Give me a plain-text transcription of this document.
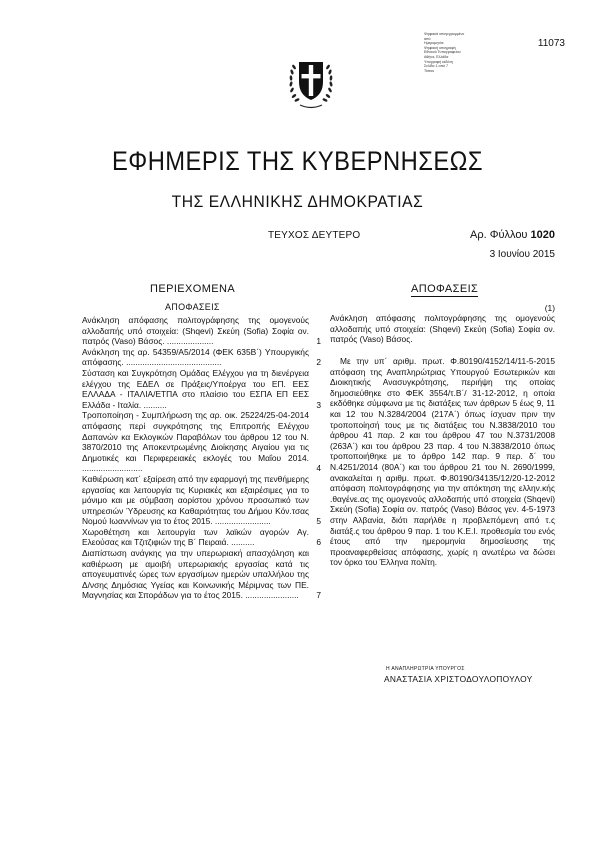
Ψηφιακά υπογεγραμμένο
από
Ημερομηνία:
Ψηφιακή υπογραφή
Εθνικού Τυπογραφείου
Αθήνα, Ελλάδα
Υπογραφή εκδότη
Σελίδα 1 από 7
Τύπου
11073
ΕΦΗΜΕΡΙΣ ΤΗΣ ΚΥΒΕΡΝΗΣΕΩΣ
ΤΗΣ ΕΛΛΗΝΙΚΗΣ ΔΗΜΟΚΡΑΤΙΑΣ
ΤΕΥΧΟΣ ΔΕΥΤΕΡΟ	Αρ. Φύλλου 1020
3 Ιουνίου 2015
ΠΕΡΙΕΧΟΜΕΝΑ
ΑΠΟΦΑΣΕΙΣ
Ανάκληση απόφασης πολιτογράφησης της ομογενούς αλλοδαπής υπό στοιχεία: (Shqevi) Σκεύη (Sofia) Σοφία ον. πατρός (Vaso) Βάσος. ....................	1
Ανάκληση της αρ. 54359/Α5/2014 (ΦΕΚ 635Β΄) Υπουργικής απόφασης. .........................................	2
Σύσταση και Συγκρότηση Ομάδας Ελέγχου για τη διενέργεια ελέγχου της ΕΔΕΛ σε Πράξεις/Υποέργα του ΕΠ. ΕΕΣ ΕΛΛΑΔΑ - ΙΤΑΛΙΑ/ΕΤΠΑ στο πλαίσιο του ΕΣΠΑ ΕΠ ΕΕΣ Ελλάδα - Ιταλία. ..........	3
Τροποποίηση - Συμπλήρωση της αρ. οικ. 25224/25-04-2014 απόφασης περί συγκρότησης της Επιτροπής Ελέγχου Δαπανών κα Εκλογικών Παραβόλων του άρθρου 12 του Ν. 3870/2010 της Αποκεντρωμένης Διοίκησης Αιγαίου για τις Δημοτικές και Περιφερειακές εκλογές του Μαΐου 2014. ..........................	4
Καθιέρωση κατ΄ εξαίρεση από την εφαρμογή της πενθήμερης εργασίας και λειτουργία τις Κυριακές και εξαιρέσιμες για το μόνιμο και με σύμβαση αορίστου χρόνου προσωπικό των υπηρεσιών Ύδρευσης κα Καθαριότητας του Δήμου Κόν.τσας Νομού Ιωαννίνων για το έτος 2015. ........................	5
Χωροθέτηση και λειτουργία των λαϊκών αγορών Αγ. Ελεούσας και Τζιτζιφιών της Β΄ Πειραιά. ..........	6
Διαπίστωση ανάγκης για την υπερωριακή απασχόληση και καθιέρωση με αμοιβή υπερωριακής εργασίας κατά τις απογευματινές ώρες των εργασίμων ημερών υπαλλήλου της Δ/νσης Δημόσιας Υγείας και Κοινωνικής Μέριμνας των ΠΕ. Μαγνησίας και Σποράδων για το έτος 2015. .......................	7
ΑΠΟΦΑΣΕΙΣ
(1)
Ανάκληση απόφασης πολιτογράφησης της ομογενούς αλλοδαπής υπό στοιχεία: (Shqevi) Σκεύη (Sofia) Σοφία ον. πατρός (Vaso) Βάσος.
Με την υπ΄ αριθμ. πρωτ. Φ.80190/4152/14/11-5-2015 απόφαση της Αναπληρώτριας Υπουργού Εσωτερικών και Διοικητικής Ανασυγκρότησης, περιήψη της οποίας δημοσιεύθηκε στο ΦΕΚ 3554/τ.Β΄/ 31-12-2012, η οποία εκδόθηκε σύμφωνα με τις διατάξεις των άρθρων 5 έως 9, 11 και 12 του Ν.3284/2004 (217Α΄) όπως ίσχυαν πριν την τροποποίησή τους με τις διατάξεις του Ν.3838/2010 του άρθρου 41 παρ. 2 και του άρθρου 47 του Ν.3731/2008 (263Α΄) και του άρθρου 23 παρ. 4 του Ν.3838/2010 όπως τροποποιήθηκε με το άρθρο 142 παρ. 9 περ. δ΄ του Ν.4251/2014 (80Α΄) και του άρθρου 21 του Ν. 2690/1999, ανακαλείται η αριθμ. πρωτ. Φ.80190/34135/12/20-12-2012 απόφαση πολιτογράφησης για την απόκτηση της ελλην.κής .θαγένε.ας της ομογενούς αλλοδαπής υπό στοιχεία (Shqevi) Σκεύη (Sofia) Σοφία ον. πατρός (Vaso) Βάσος γεν. 4-5-1973 στην Αλβανία, διότι παρήλθε η προβλεπόμενη από τ.ς διατάξ.ς του άρθρου 9 παρ. 1 του Κ.Ε.Ι. προθεσμία του ενός έτους από την ημερομηνία δημοσίευσης της προαναφερθείσας απόφασης, χωρίς η ανωτέρω να δώσει τον όρκο του Έλληνα πολίτη.
Η ΑΝΑΠΛΗΡΩΤΡΙΑ ΥΠΟΥΡΓΟΣ
ΑΝΑΣΤΑΣΙΑ ΧΡΙΣΤΟΔΟΥΛΟΠΟΥΛΟΥ
